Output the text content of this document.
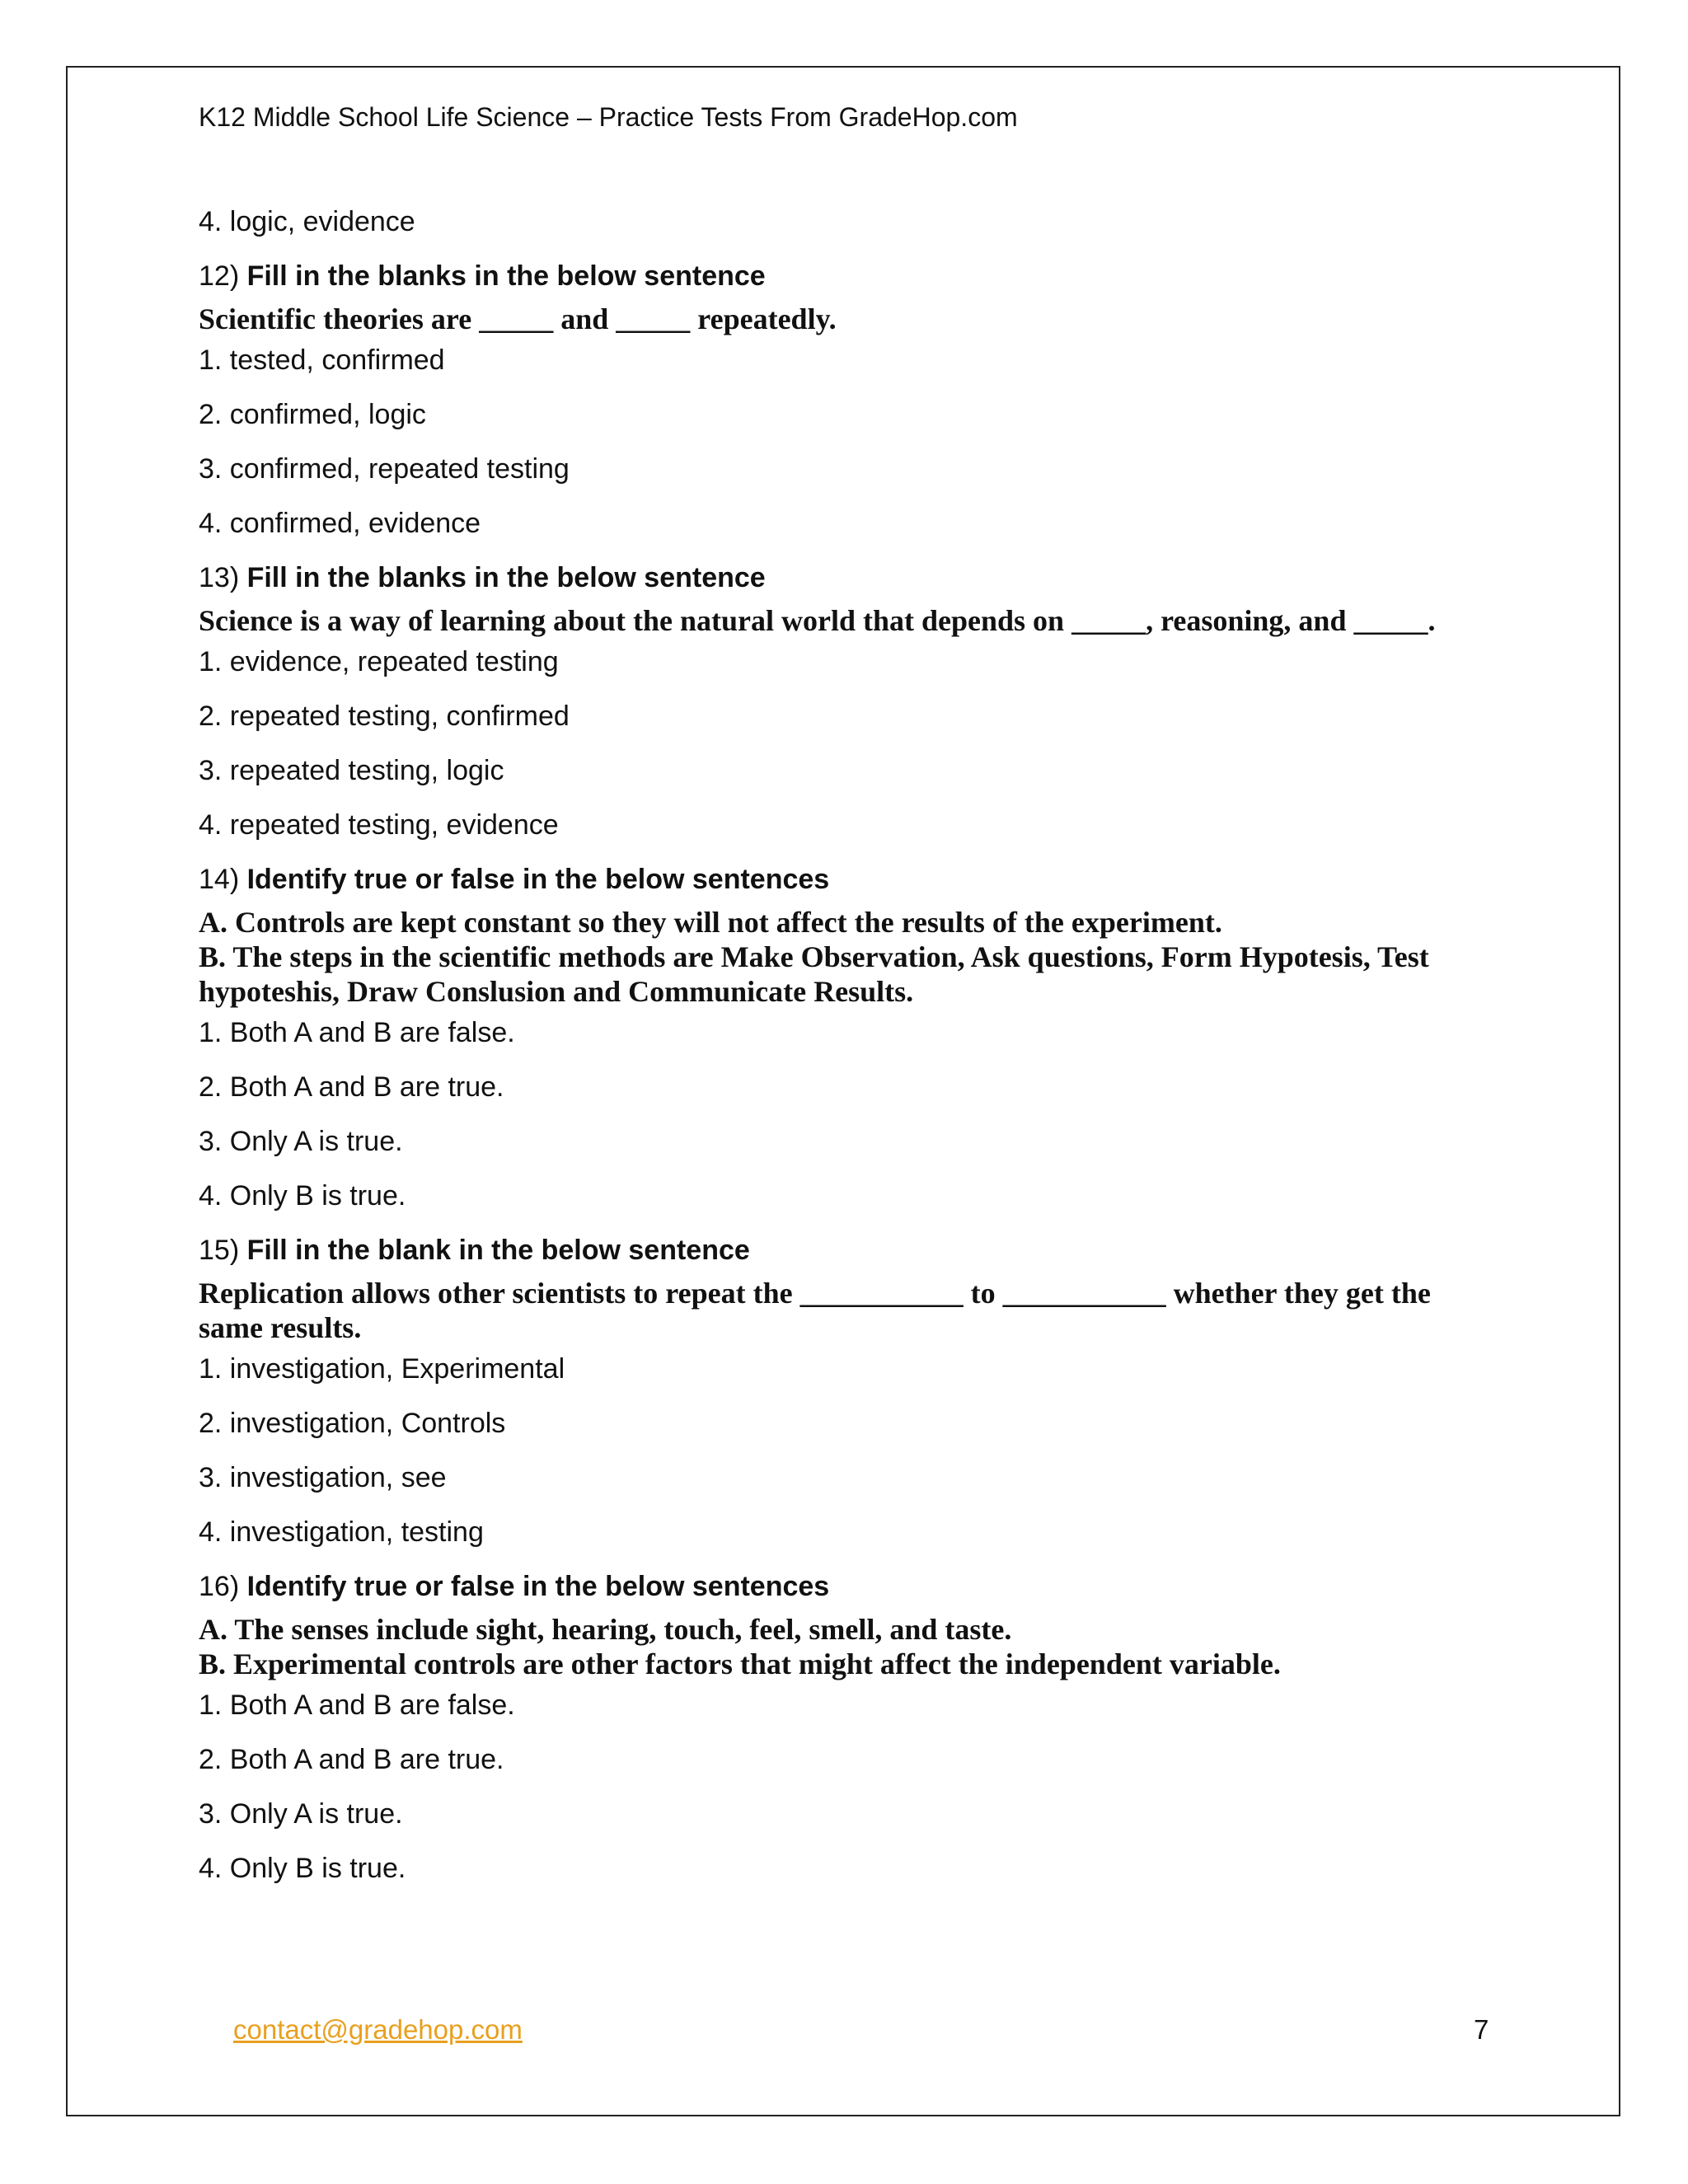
K12 Middle School Life Science – Practice Tests From GradeHop.com
4. logic, evidence
12) Fill in the blanks in the below sentence
Scientific theories are _____ and _____ repeatedly.
1. tested, confirmed
2. confirmed, logic
3. confirmed, repeated testing
4. confirmed, evidence
13) Fill in the blanks in the below sentence
Science is a way of learning about the natural world that depends on _____, reasoning, and _____.
1. evidence, repeated testing
2. repeated testing, confirmed
3. repeated testing, logic
4. repeated testing, evidence
14) Identify true or false in the below sentences
A. Controls are kept constant so they will not affect the results of the experiment.
B. The steps in the scientific methods are Make Observation, Ask questions, Form Hypotesis, Test
hypoteshis, Draw Conslusion and Communicate Results.
1. Both A and B are false.
2. Both A and B are true.
3. Only A is true.
4. Only B is true.
15) Fill in the blank in the below sentence
Replication allows other scientists to repeat the ___________ to ___________ whether they get the
same results.
1. investigation, Experimental
2. investigation, Controls
3. investigation, see
4. investigation, testing
16) Identify true or false in the below sentences
A. The senses include sight, hearing, touch, feel, smell, and taste.
B. Experimental controls are other factors that might affect the independent variable.
1. Both A and B are false.
2. Both A and B are true.
3. Only A is true.
4. Only B is true.
contact@gradehop.com	7
